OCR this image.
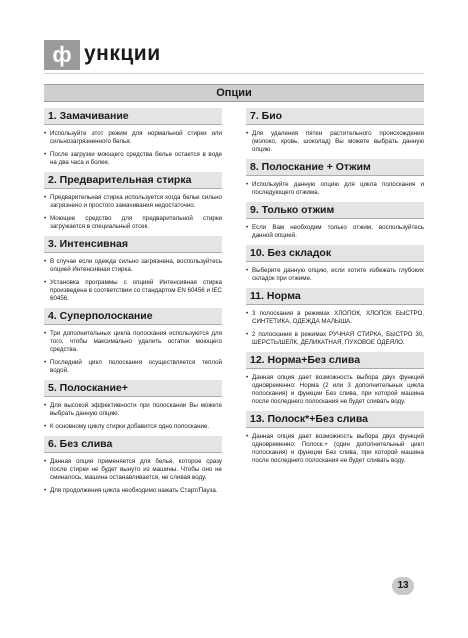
ф ункции
Опции
1. Замачивание
• Используйте этот режим для нормальной стирки или сильнозагрязненного белья.
• После загрузки моющего средства белье остается в воде на два часа и более.
2. Предварительная стирка
• Предварительная стирка используется когда белье сильно загрязнено и простого замачивания недостаточно.
• Моющее средство для предварительной стирки загружается в специальный отсек.
3. Интенсивная
• В случае если одежда сильно загрязнена, воспользуйтесь опцией Интенсивная стирка.
• Установка программы с опцией Интенсивная стирка произведена в соответствии со стандартом EN 60456 и IEC 60456.
4. Суперполоскание
• Три дополнительных цикла полоскания используются для того, чтобы максимально удалить остатки моющего средства.
• Последний цикл полоскания осуществляется теплой водой.
5. Полоскание+
• Для высокой эффективности при полоскании Вы можете выбрать данную опцию.
• К основному циклу стирки добавится одно полоскание.
6. Без слива
• Данная опция применяется для белья, которое сразу после стирки не будет вынуто из машины. Чтобы оно не сминалось, машина останавливается, не сливая воду.
• Для продолжения цикла необходимо нажать Старт/Пауза.
7. Био
• Для удаления пятен растительного происхождения (молоко, кровь, шоколад) Вы можете выбрать данную опцию.
8. Полоскание + Отжим
• Используйте данную опцию для цикла полоскания и последующего отжима.
9. Только отжим
• Если Вам необходим только отжим, воспользуйтесь данной опцией.
10. Без складок
• Выберите данную опцию, если хотите избежать глубоких складок при отжиме.
11. Норма
• 3 полоскания в режимах ХЛОПОК, ХЛОПОК БЫСТРО, СИНТЕТИКА, ОДЕЖДА МАЛЫША.
• 2 полоскания в режимах РУЧНАЯ СТИРКА, БЫСТРО 30, ШЕРСТЬ/ШЕЛК, ДЕЛИКАТНАЯ, ПУХОВОЕ ОДЕЯЛО.
12. Норма+Без слива
• Данная опция дает возможность выбора двух функций одновременно: Норма (2 или 3 дополнительных цикла полоскания) и функции Без слива, при которой машина после последнего полоскания не будет сливать воду.
13. Полоск*+Без слива
• Данная опция дает возможность выбора двух функций одновременно: Полоск.+ (один дополнительный цикл полоскания) и функции Без слива, при которой машина после последнего полоскания не будет сливать воду.
13
